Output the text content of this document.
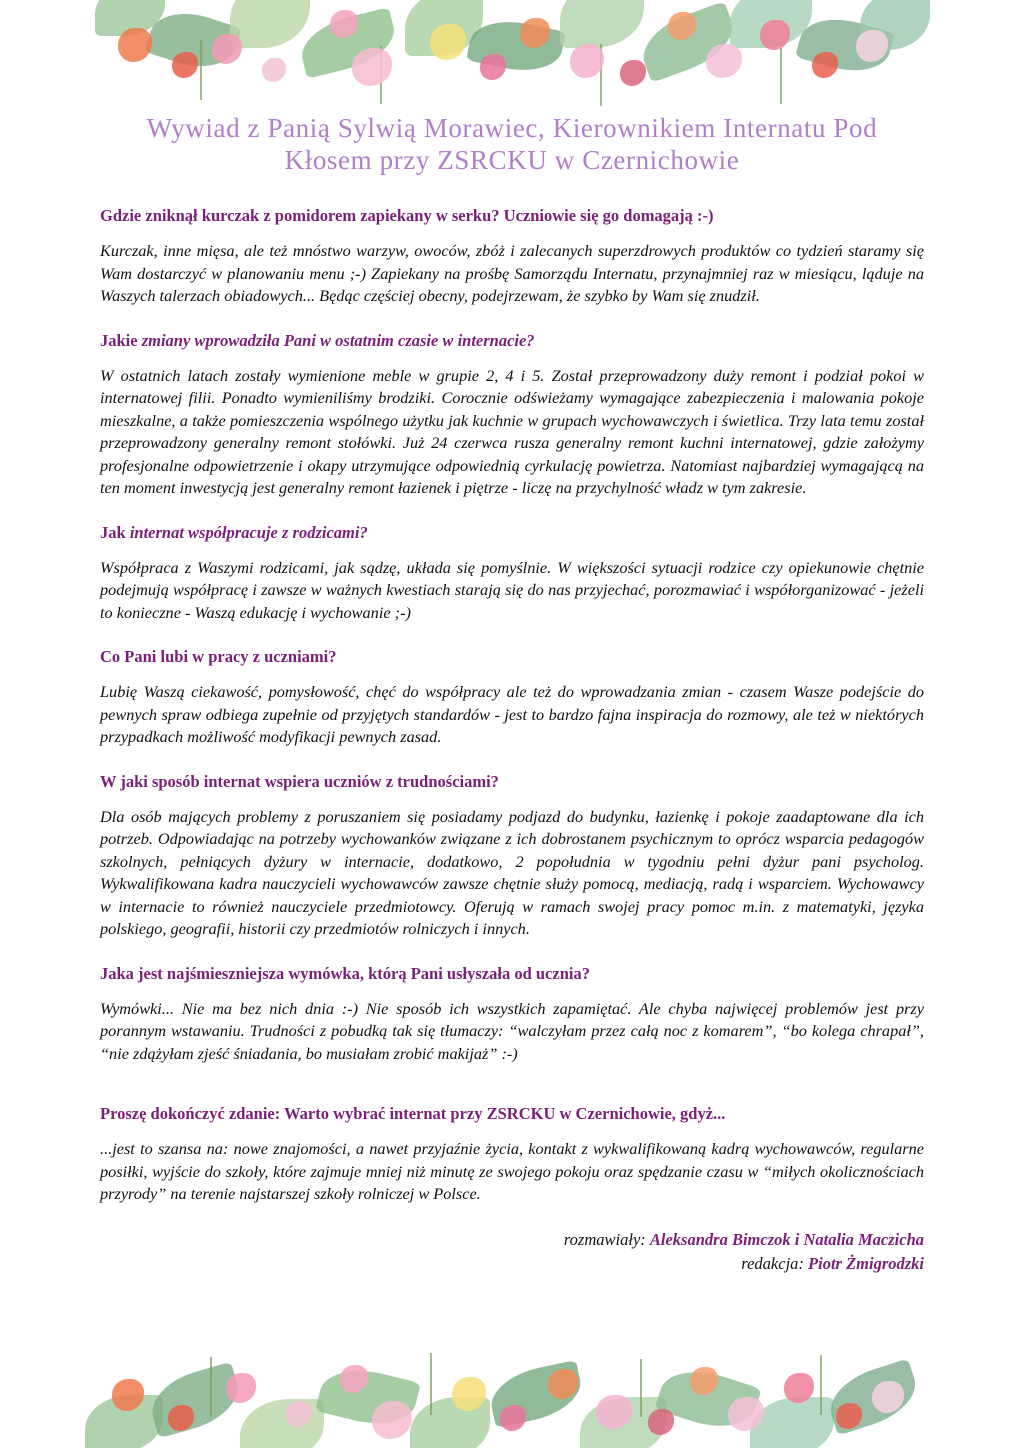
Wywiad z Panią Sylwią Morawiec, Kierownikiem Internatu Pod Kłosem przy ZSRCKU w Czernichowie

Gdzie zniknął kurczak z pomidorem zapiekany w serku? Uczniowie się go domagają :-)

Kurczak, inne mięsa, ale też mnóstwo warzyw, owoców, zbóż i zalecanych superzdrowych produktów co tydzień staramy się Wam dostarczyć w planowaniu menu ;-) Zapiekany na prośbę Samorządu Internatu, przynajmniej raz w miesiącu, ląduje na Waszych talerzach obiadowych... Będąc częściej obecny, podejrzewam, że szybko by Wam się znudził.

Jakie zmiany wprowadziła Pani w ostatnim czasie w internacie?

W ostatnich latach zostały wymienione meble w grupie 2, 4 i 5. Został przeprowadzony duży remont i podział pokoi w internatowej filii. Ponadto wymieniliśmy brodziki. Corocznie odświeżamy wymagające zabezpieczenia i malowania pokoje mieszkalne, a także pomieszczenia wspólnego użytku jak kuchnie w grupach wychowawczych i świetlica. Trzy lata temu został przeprowadzony generalny remont stołówki. Już 24 czerwca rusza generalny remont kuchni internatowej, gdzie założymy profesjonalne odpowietrzenie i okapy utrzymujące odpowiednią cyrkulację powietrza. Natomiast najbardziej wymagającą na ten moment inwestycją jest generalny remont łazienek i piętrze - liczę na przychylność władz w tym zakresie.

Jak internat współpracuje z rodzicami?

Współpraca z Waszymi rodzicami, jak sądzę, układa się pomyślnie. W większości sytuacji rodzice czy opiekunowie chętnie podejmują współpracę i zawsze w ważnych kwestiach starają się do nas przyjechać, porozmawiać i współorganizować - jeżeli to konieczne - Waszą edukację i wychowanie ;-)

Co Pani lubi w pracy z uczniami?

Lubię Waszą ciekawość, pomysłowość, chęć do współpracy ale też do wprowadzania zmian - czasem Wasze podejście do pewnych spraw odbiega zupełnie od przyjętych standardów - jest to bardzo fajna inspiracja do rozmowy, ale też w niektórych przypadkach możliwość modyfikacji pewnych zasad.

W jaki sposób internat wspiera uczniów z trudnościami?

Dla osób mających problemy z poruszaniem się posiadamy podjazd do budynku, łazienkę i pokoje zaadaptowane dla ich potrzeb. Odpowiadając na potrzeby wychowanków związane z ich dobrostanem psychicznym to oprócz wsparcia pedagogów szkolnych, pełniących dyżury w internacie, dodatkowo, 2 popołudnia w tygodniu pełni dyżur pani psycholog. Wykwalifikowana kadra nauczycieli wychowawców zawsze chętnie służy pomocą, mediacją, radą i wsparciem. Wychowawcy w internacie to również nauczyciele przedmiotowcy. Oferują w ramach swojej pracy pomoc m.in. z matematyki, języka polskiego, geografii, historii czy przedmiotów rolniczych i innych.

Jaka jest najśmieszniejsza wymówka, którą Pani usłyszała od ucznia?

Wymówki... Nie ma bez nich dnia :-) Nie sposób ich wszystkich zapamiętać. Ale chyba najwięcej problemów jest przy porannym wstawaniu. Trudności z pobudką tak się tłumaczy: “walczyłam przez całą noc z komarem”, “bo kolega chrapał”, “nie zdążyłam zjeść śniadania, bo musiałam zrobić makijaż” :-)

Proszę dokończyć zdanie: Warto wybrać internat przy ZSRCKU w Czernichowie, gdyż...

...jest to szansa na: nowe znajomości, a nawet przyjaźnie życia, kontakt z wykwalifikowaną kadrą wychowawców, regularne posiłki, wyjście do szkoły, które zajmuje mniej niż minutę ze swojego pokoju oraz spędzanie czasu w “miłych okolicznościach przyrody” na terenie najstarszej szkoły rolniczej w Polsce.

rozmawiały: Aleksandra Bimczok i Natalia Maczicha
redakcja: Piotr Żmigrodzki
